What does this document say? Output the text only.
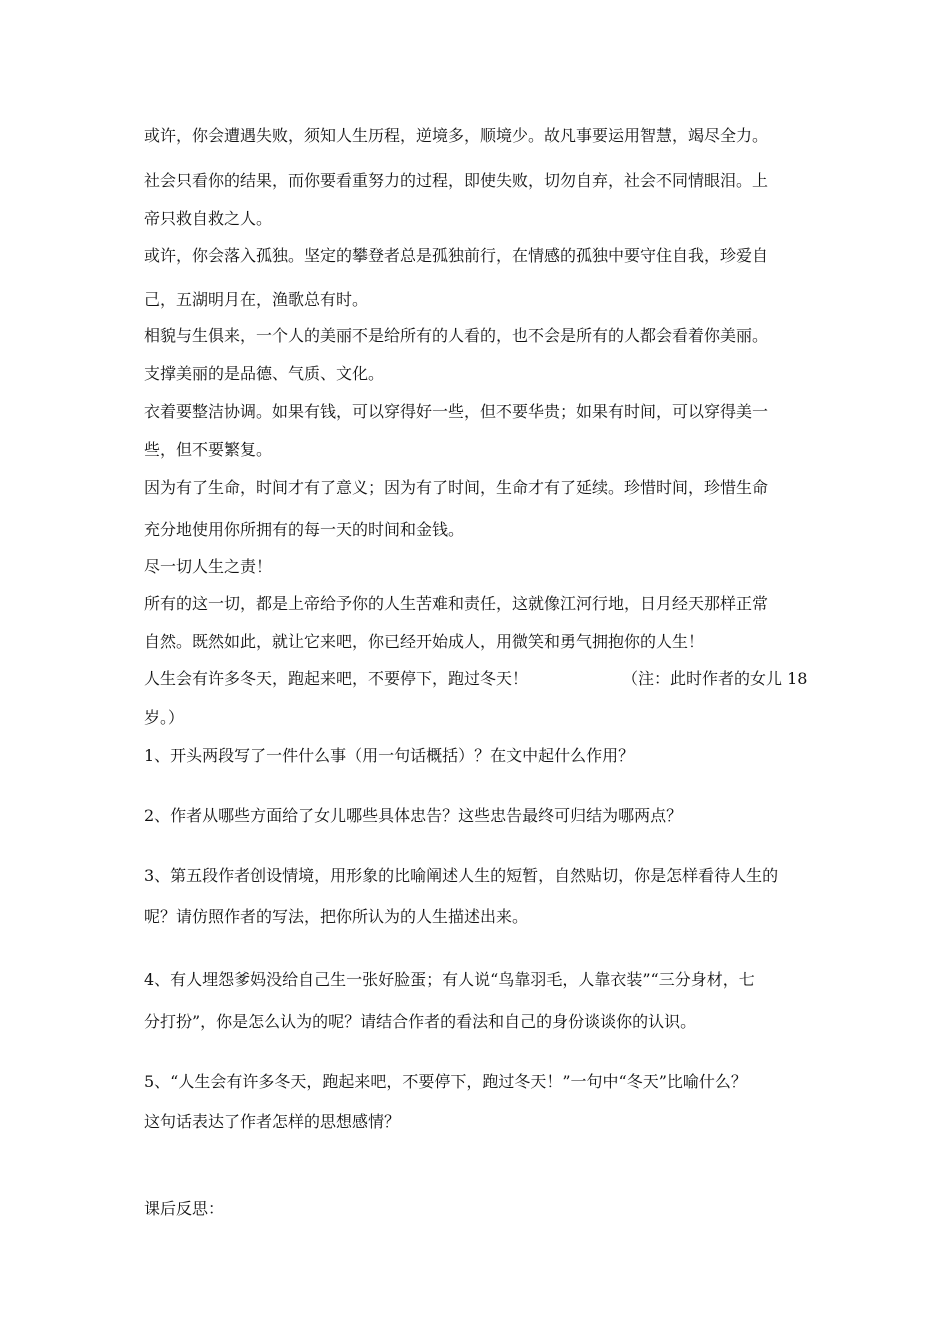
或许，你会遭遇失败，须知人生历程，逆境多，顺境少。故凡事要运用智慧，竭尽全力。
社会只看你的结果，而你要看重努力的过程，即使失败，切勿自弃，社会不同情眼泪。上
帝只救自救之人。
或许，你会落入孤独。坚定的攀登者总是孤独前行，在情感的孤独中要守住自我，珍爱自
己，五湖明月在，渔歌总有时。
相貌与生俱来，一个人的美丽不是给所有的人看的，也不会是所有的人都会看着你美丽。
支撑美丽的是品德、气质、文化。
衣着要整洁协调。如果有钱，可以穿得好一些，但不要华贵；如果有时间，可以穿得美一
些，但不要繁复。
因为有了生命，时间才有了意义；因为有了时间，生命才有了延续。珍惜时间，珍惜生命
充分地使用你所拥有的每一天的时间和金钱。
尽一切人生之责！
所有的这一切，都是上帝给予你的人生苦难和责任，这就像江河行地，日月经天那样正常
自然。既然如此，就让它来吧，你已经开始成人，用微笑和勇气拥抱你的人生！
人生会有许多冬天，跑起来吧，不要停下，跑过冬天！	（注：此时作者的女儿 18
岁。）
1、开头两段写了一件什么事（用一句话概括）？在文中起什么作用？
2、作者从哪些方面给了女儿哪些具体忠告？这些忠告最终可归结为哪两点？
3、第五段作者创设情境，用形象的比喻阐述人生的短暂，自然贴切，你是怎样看待人生的
呢？请仿照作者的写法，把你所认为的人生描述出来。
4、有人埋怨爹妈没给自己生一张好脸蛋；有人说“鸟靠羽毛，人靠衣装”“三分身材，七
分打扮”，你是怎么认为的呢？请结合作者的看法和自己的身份谈谈你的认识。
5、“人生会有许多冬天，跑起来吧，不要停下，跑过冬天！”一句中“冬天”比喻什么？
这句话表达了作者怎样的思想感情？
课后反思：
